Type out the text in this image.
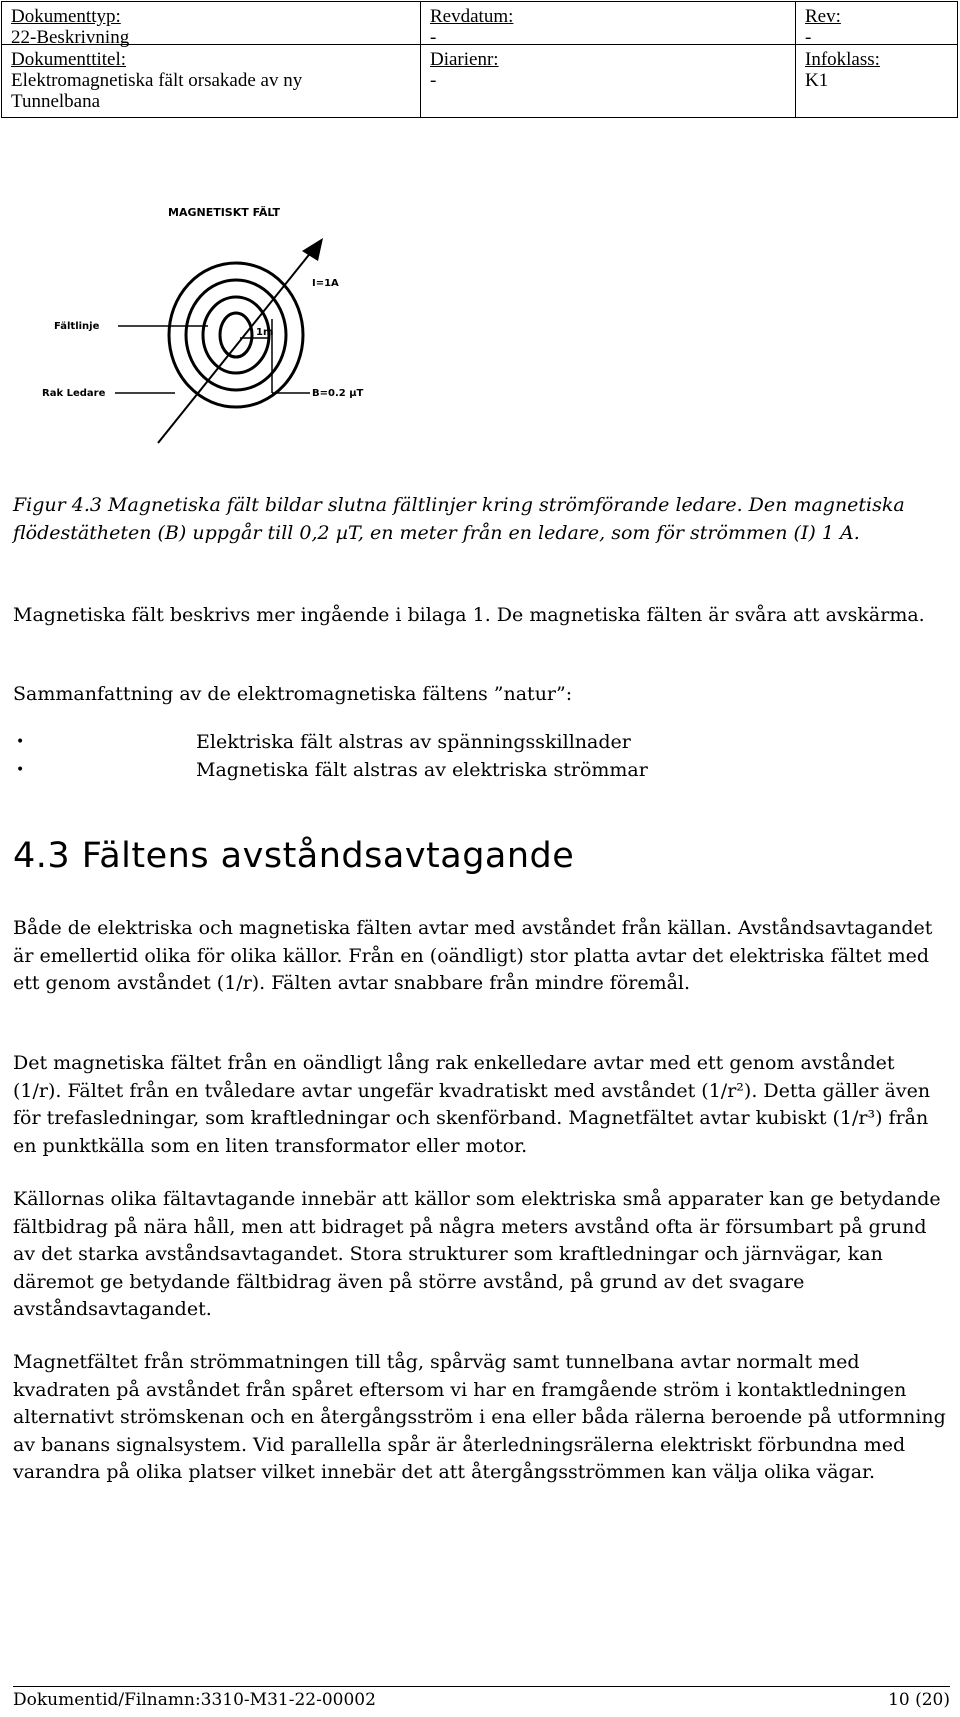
Dokumenttyp:
22-Beskrivning
Revdatum:
-
Rev:
-
Dokumenttitel:
Elektromagnetiska fält orsakade av ny Tunnelbana
Diarienr:
-
Infoklass:
K1
MAGNETISKT FÄLT
I=1A
Fältlinje
1m
Rak Ledare	B=0.2 µT

Figur 4.3 Magnetiska fält bildar slutna fältlinjer kring strömförande ledare. Den magnetiska flödestätheten (B) uppgår till 0,2 µT, en meter från en ledare, som för strömmen (I) 1 A.

Magnetiska fält beskrivs mer ingående i bilaga 1. De magnetiska fälten är svåra att avskärma.

Sammanfattning av de elektromagnetiska fältens ”natur”:

•	Elektriska fält alstras av spänningsskillnader
•	Magnetiska fält alstras av elektriska strömmar
4.3 Fältens avståndsavtagande

Både de elektriska och magnetiska fälten avtar med avståndet från källan. Avståndsavtagandet är emellertid olika för olika källor. Från en (oändligt) stor platta avtar det elektriska fältet med ett genom avståndet (1/r). Fälten avtar snabbare från mindre föremål.

Det magnetiska fältet från en oändligt lång rak enkelledare avtar med ett genom avståndet (1/r). Fältet från en tvåledare avtar ungefär kvadratiskt med avståndet (1/r²). Detta gäller även för trefasledningar, som kraftledningar och skenförband. Magnetfältet avtar kubiskt (1/r³) från en punktkälla som en liten transformator eller motor.

Källornas olika fältavtagande innebär att källor som elektriska små apparater kan ge betydande fältbidrag på nära håll, men att bidraget på några meters avstånd ofta är försumbart på grund av det starka avståndsavtagandet. Stora strukturer som kraftledningar och järnvägar, kan däremot ge betydande fältbidrag även på större avstånd, på grund av det svagare avståndsavtagandet.

Magnetfältet från strömmatningen till tåg, spårväg samt tunnelbana avtar normalt med kvadraten på avståndet från spåret eftersom vi har en framgående ström i kontaktledningen alternativt strömskenan och en återgångsström i ena eller båda rälerna beroende på utformning av banans signalsystem. Vid parallella spår är återledningsrälerna elektriskt förbundna med varandra på olika platser vilket innebär det att återgångsströmmen kan välja olika vägar.

Dokumentid/Filnamn:3310-M31-22-00002	10 (20)
